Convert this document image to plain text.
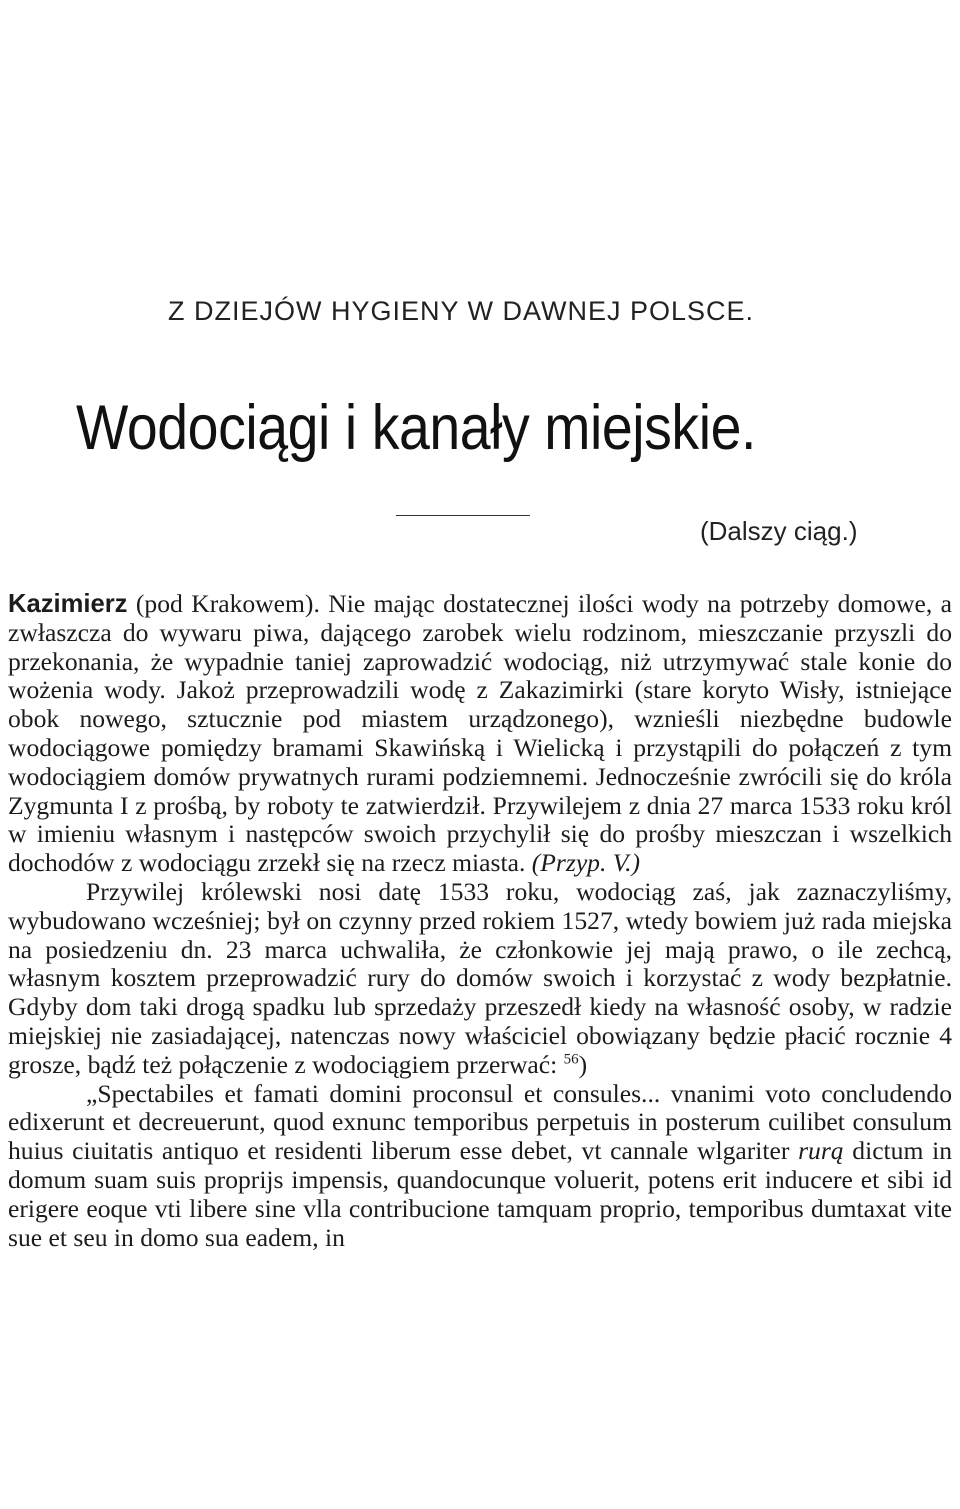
Z DZIEJÓW HYGIENY W DAWNEJ POLSCE.
Wodociągi i kanały miejskie.
(Dalszy ciąg.)

Kazimierz (pod Krakowem). Nie mając dostatecznej ilości wody na potrzeby domowe, a zwłaszcza do wywaru piwa, dającego zarobek wielu rodzinom, mieszczanie przyszli do przekonania, że wypadnie taniej zaprowadzić wodociąg, niż utrzymywać stale konie do wożenia wody. Jakoż przeprowadzili wodę z Zakazimirki (stare koryto Wisły, istniejące obok nowego, sztucznie pod miastem urządzonego), wznieśli niezbędne budowle wodociągowe pomiędzy bramami Skawińską i Wielicką i przystąpili do połączeń z tym wodociągiem domów prywatnych rurami podziemnemi. Jednocześnie zwrócili się do króla Zygmunta I z prośbą, by roboty te zatwierdził. Przywilejem z dnia 27 marca 1533 roku król w imieniu własnym i następców swoich przychylił się do prośby mieszczan i wszelkich dochodów z wodociągu zrzekł się na rzecz miasta. (Przyp. V.)

Przywilej królewski nosi datę 1533 roku, wodociąg zaś, jak zaznaczyliśmy, wybudowano wcześniej; był on czynny przed rokiem 1527, wtedy bowiem już rada miejska na posiedzeniu dn. 23 marca uchwaliła, że członkowie jej mają prawo, o ile zechcą, własnym kosztem przeprowadzić rury do domów swoich i korzystać z wody bezpłatnie. Gdyby dom taki drogą spadku lub sprzedaży przeszedł kiedy na własność osoby, w radzie miejskiej nie zasiadającej, natenczas nowy właściciel obowiązany będzie płacić rocznie 4 grosze, bądź też połączenie z wodociągiem przerwać: $^{56}$)

„Spectabiles et famati domini proconsul et consules... vnanimi voto concludendo edixerunt et decreuerunt, quod exnunc temporibus perpetuis in posterum cuilibet consulum huius ciuitatis antiquo et residenti liberum esse debet, vt cannale wlgariter rurą dictum in domum suam suis proprijs impensis, quandocunque voluerit, potens erit inducere et sibi id erigere eoque vti libere sine vlla contribucione tamquam proprio, temporibus dumtaxat vite sue et seu in domo sua eadem, in
